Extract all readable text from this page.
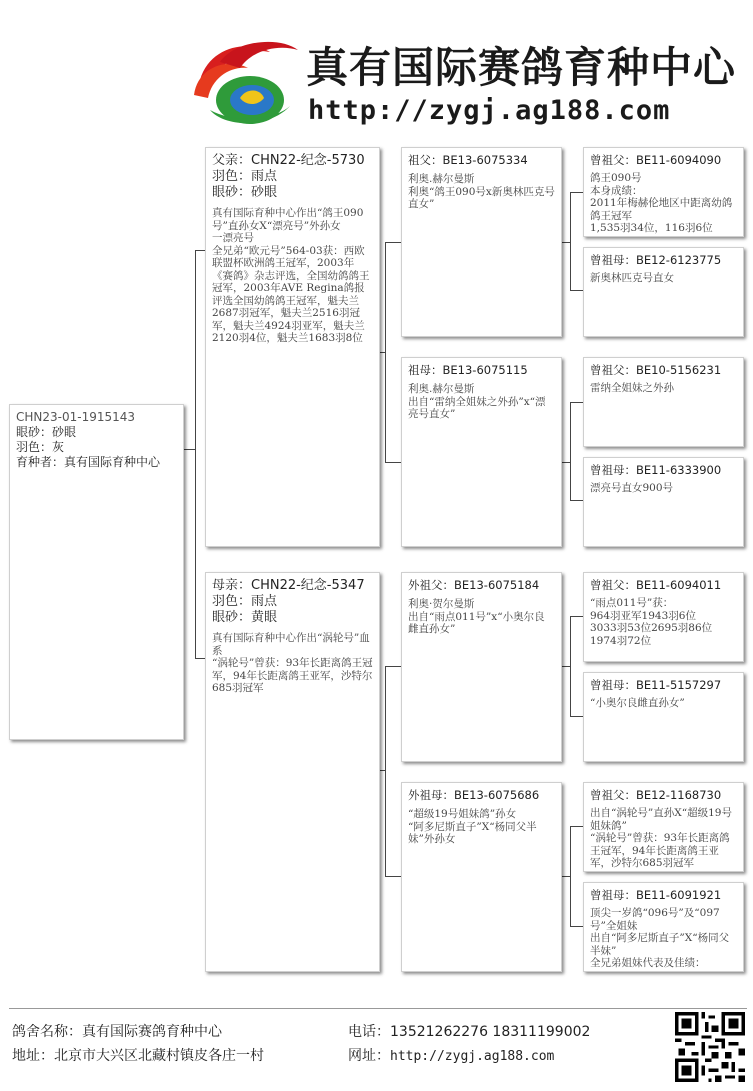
真有国际赛鸽育种中心
http://zygj.ag188.com
CHN23-01-1915143
眼砂：砂眼
羽色：灰
育种者：真有国际育种中心
父亲：CHN22-纪念-5730
羽色：雨点
眼砂：砂眼
真有国际育种中心作出“鸽王090号”直孙女X“漂亮号”外孙女
一漂亮号
全兄弟“欧元号”564-03获：西欧联盟杯欧洲鸽王冠军，2003年《赛鸽》杂志评选，全国幼鸽鸽王冠军，2003年AVE Regina鸽报评选全国幼鸽鸽王冠军，魁夫兰2687羽冠军，魁夫兰2516羽冠军，魁夫兰4924羽亚军，魁夫兰2120羽4位，魁夫兰1683羽8位
母亲：CHN22-纪念-5347
羽色：雨点
眼砂：黄眼
真有国际育种中心作出“涡轮号”血系
“涡轮号”曾获：93年长距离鸽王冠军，94年长距离鸽王亚军，沙特尔685羽冠军
祖父：BE13-6075334
利奥.赫尔曼斯
利奥“鸽王090号x新奥林匹克号直女”
祖母：BE13-6075115
利奥.赫尔曼斯
出自“雷纳全姐妹之外孙”x“漂亮号直女”
外祖父：BE13-6075184
利奥·贺尔曼斯
出自“雨点011号”x“小奥尔良雌直孙女”
外祖母：BE13-6075686
“超级19号姐妹鸽”孙女
“阿多尼斯直子”X“杨同父半妹”外孙女
曾祖父：BE11-6094090
鸽王090号
本身成绩：
2011年梅赫伦地区中距离幼鸽鸽王冠军
1,535羽34位，116羽6位
曾祖母：BE12-6123775
新奥林匹克号直女
曾祖父：BE10-5156231
雷纳全姐妹之外孙
曾祖母：BE11-6333900
漂亮号直女900号
曾祖父：BE11-6094011
“雨点011号”获：
964羽亚军1943羽6位
3033羽53位2695羽86位
1974羽72位
曾祖母：BE11-5157297
“小奥尔良雌直孙女”
曾祖父：BE12-1168730
出自“涡轮号”直孙X“超级19号姐妹鸽”
“涡轮号”曾获：93年长距离鸽王冠军，94年长距离鸽王亚军，沙特尔685羽冠军
曾祖母：BE11-6091921
顶尖一岁鸽“096号”及“097号”全姐妹
出自“阿多尼斯直子”X“杨同父半妹”
全兄弟姐妹代表及佳绩：
鸽舍名称：真有国际赛鸽育种中心
地址：北京市大兴区北藏村镇皮各庄一村
电话：13521262276 18311199002
网址：http://zygj.ag188.com
